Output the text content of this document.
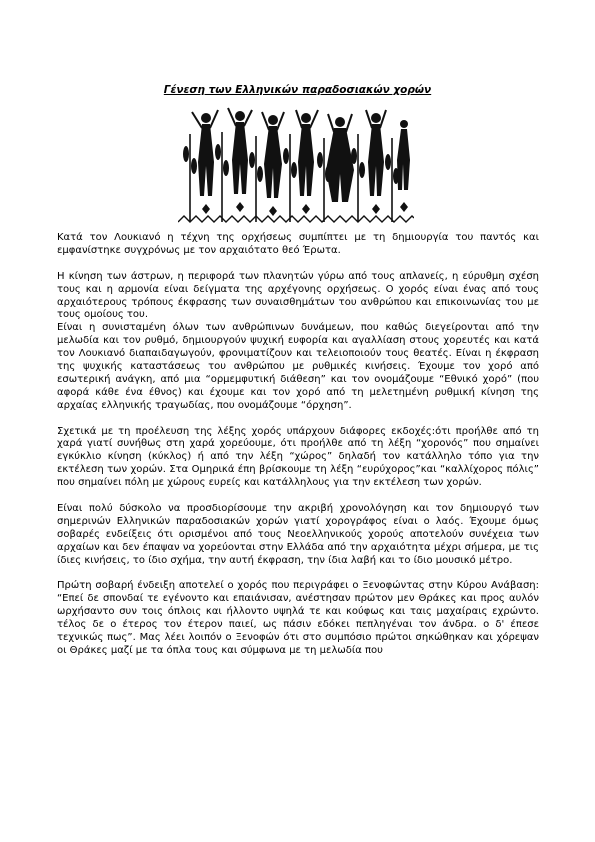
Γένεση των Ελληνικών παραδοσιακών χορών

Κατά τον Λουκιανό η τέχνη της ορχήσεως συμπίπτει με τη δημιουργία του παντός και εμφανίστηκε συγχρόνως με τον αρχαιότατο θεό Έρωτα.

Η κίνηση των άστρων, η περιφορά των πλανητών γύρω από τους απλανείς, η εύρυθμη σχέση τους και η αρμονία είναι δείγματα της αρχέγονης ορχήσεως. Ο χορός είναι ένας από τους αρχαιότερους τρόπους έκφρασης των συναισθημάτων του ανθρώπου και επικοινωνίας του με τους ομοίους του.

Είναι η συνισταμένη όλων των ανθρώπινων δυνάμεων, που καθώς διεγείρονται από την μελωδία και τον ρυθμό, δημιουργούν ψυχική ευφορία και αγαλλίαση στους χορευτές και κατά τον Λουκιανό διαπαιδαγωγούν, φρονιματίζουν και τελειοποιούν τους θεατές. Είναι η έκφραση της ψυχικής καταστάσεως του ανθρώπου με ρυθμικές κινήσεις. Έχουμε τον χορό από εσωτερική ανάγκη, από μια “ορμεμφυτική διάθεση” και τον ονομάζουμε “Εθνικό χορό” (που αφορά κάθε ένα έθνος) και έχουμε και τον χορό από τη μελετημένη ρυθμική κίνηση της αρχαίας ελληνικής τραγωδίας, που ονομάζουμε “όρχηση”.

Σχετικά με τη προέλευση της λέξης χορός υπάρχουν διάφορες εκδοχές:ότι προήλθε από τη χαρά γιατί συνήθως στη χαρά χορεύουμε, ότι προήλθε από τη λέξη “χορονός” που σημαίνει εγκύκλιο κίνηση (κύκλος) ή από την λέξη “χώρος” δηλαδή τον κατάλληλο τόπο για την εκτέλεση των χορών. Στα Ομηρικά έπη βρίσκουμε τη λέξη “ευρύχορος”και “καλλίχορος πόλις” που σημαίνει πόλη με χώρους ευρείς και κατάλληλους για την εκτέλεση των χορών.

Είναι πολύ δύσκολο να προσδιορίσουμε την ακριβή χρονολόγηση και τον δημιουργό των σημερινών Ελληνικών παραδοσιακών χορών γιατί χορογράφος είναι ο λαός. Έχουμε όμως σοβαρές ενδείξεις ότι ορισμένοι από τους Νεοελληνικούς χορούς αποτελούν συνέχεια των αρχαίων και δεν έπαψαν να χορεύονται στην Ελλάδα από την αρχαιότητα μέχρι σήμερα, με τις ίδιες κινήσεις, το ίδιο σχήμα, την αυτή έκφραση, την ίδια λαβή και το ίδιο μουσικό μέτρο.

Πρώτη σοβαρή ένδειξη αποτελεί ο χορός που περιγράφει ο Ξενοφώντας στην Κύρου Ανάβαση: “Επεί δε σπονδαί τε εγένοντο και επαιάνισαν, ανέστησαν πρώτον μεν Θράκες και προς αυλόν ωρχήσαντο συν τοις όπλοις και ήλλοντο υψηλά τε και κούφως και ταις μαχαίραις εχρώντο. τέλος δε ο έτερος τον έτερον παιεί, ως πάσιν εδόκει πεπληγέναι τον άνδρα. ο δ' έπεσε τεχνικώς πως”. Μας λέει λοιπόν ο Ξενοφών ότι στο συμπόσιο πρώτοι σηκώθηκαν και χόρεψαν οι Θράκες μαζί με τα όπλα τους και σύμφωνα με τη μελωδία που
